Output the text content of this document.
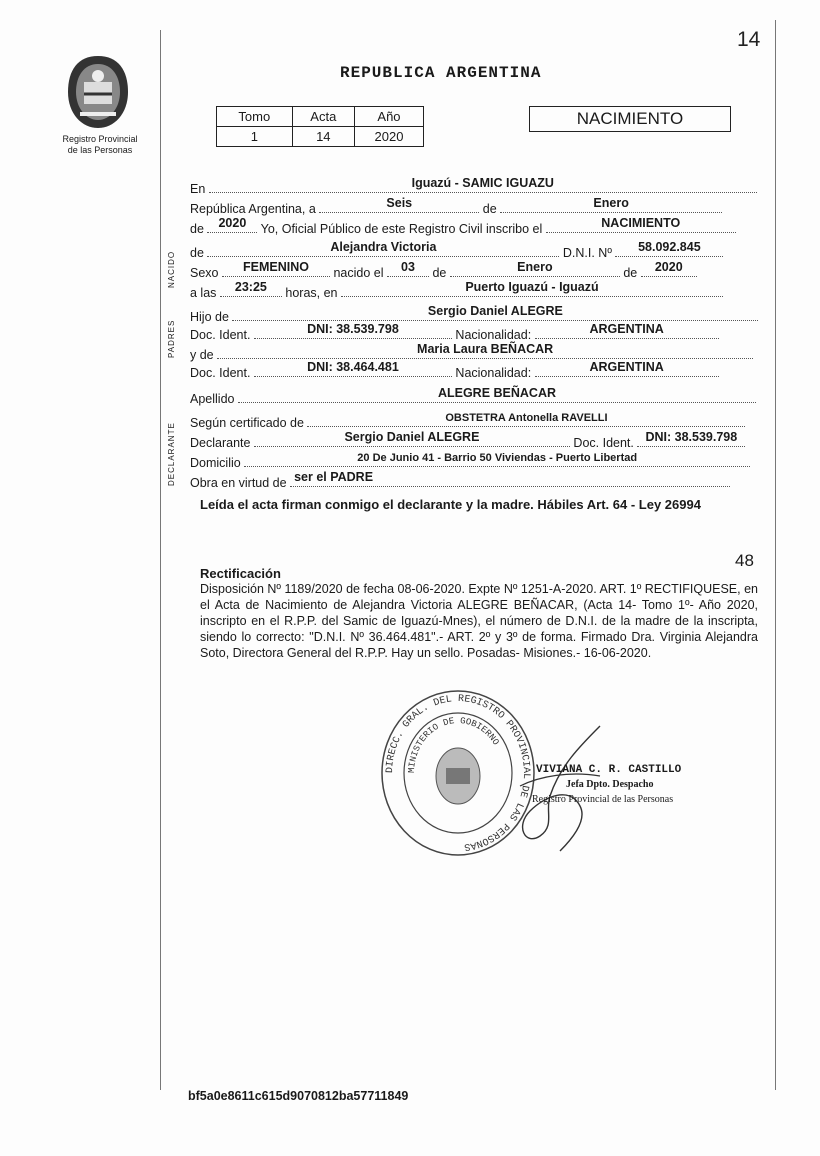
14
Registro Provincial
de las Personas
REPUBLICA ARGENTINA
Tomo	Acta	Año
1	14	2020
NACIMIENTO
NACIDO
PADRES
DECLARANTE
En	Iguazú - SAMIC IGUAZU
República Argentina, a	Seis	de	Enero
de	2020	Yo, Oficial Público de este Registro Civil inscribo el	NACIMIENTO
de	Alejandra Victoria	D.N.I. Nº	58.092.845
Sexo	FEMENINO	nacido el	03	de	Enero	de	2020
a las	23:25	horas, en	Puerto Iguazú - Iguazú
Hijo de	Sergio Daniel ALEGRE
Doc. Ident.	DNI: 38.539.798	Nacionalidad:	ARGENTINA
y de	Maria Laura BEÑACAR
Doc. Ident.	DNI: 38.464.481	Nacionalidad:	ARGENTINA
Apellido	ALEGRE BEÑACAR
Según certificado de	OBSTETRA Antonella RAVELLI
Declarante	Sergio Daniel ALEGRE	Doc. Ident. DNI: 38.539.798
Domicilio	20 De Junio 41 - Barrio 50 Viviendas - Puerto Libertad
Obra en virtud de ser el PADRE
Leída el acta firman conmigo el declarante y la madre. Hábiles Art. 64 - Ley 26994
48
Rectificación
Disposición Nº 1189/2020 de fecha 08-06-2020. Expte Nº 1251-A-2020. ART. 1º RECTIFIQUESE, en el Acta de Nacimiento de Alejandra Victoria ALEGRE BEÑACAR, (Acta 14- Tomo 1º- Año 2020, inscripto en el R.P.P. del Samic de Iguazú-Mnes), el número de D.N.I. de la madre de la inscripta, siendo lo correcto: "D.N.I. Nº 36.464.481".- ART. 2º y 3º de forma. Firmado Dra. Virginia Alejandra Soto, Directora General del R.P.P. Hay un sello. Posadas- Misiones.- 16-06-2020.
DIRECC. GRAL. DEL REGISTRO PROVINCIAL DE LAS PERSONAS
MINISTERIO DE GOBIERNO
VIVIANA C. R. CASTILLO
Jefa Dpto. Despacho
Registro Provincial de las Personas
bf5a0e8611c615d9070812ba57711849
